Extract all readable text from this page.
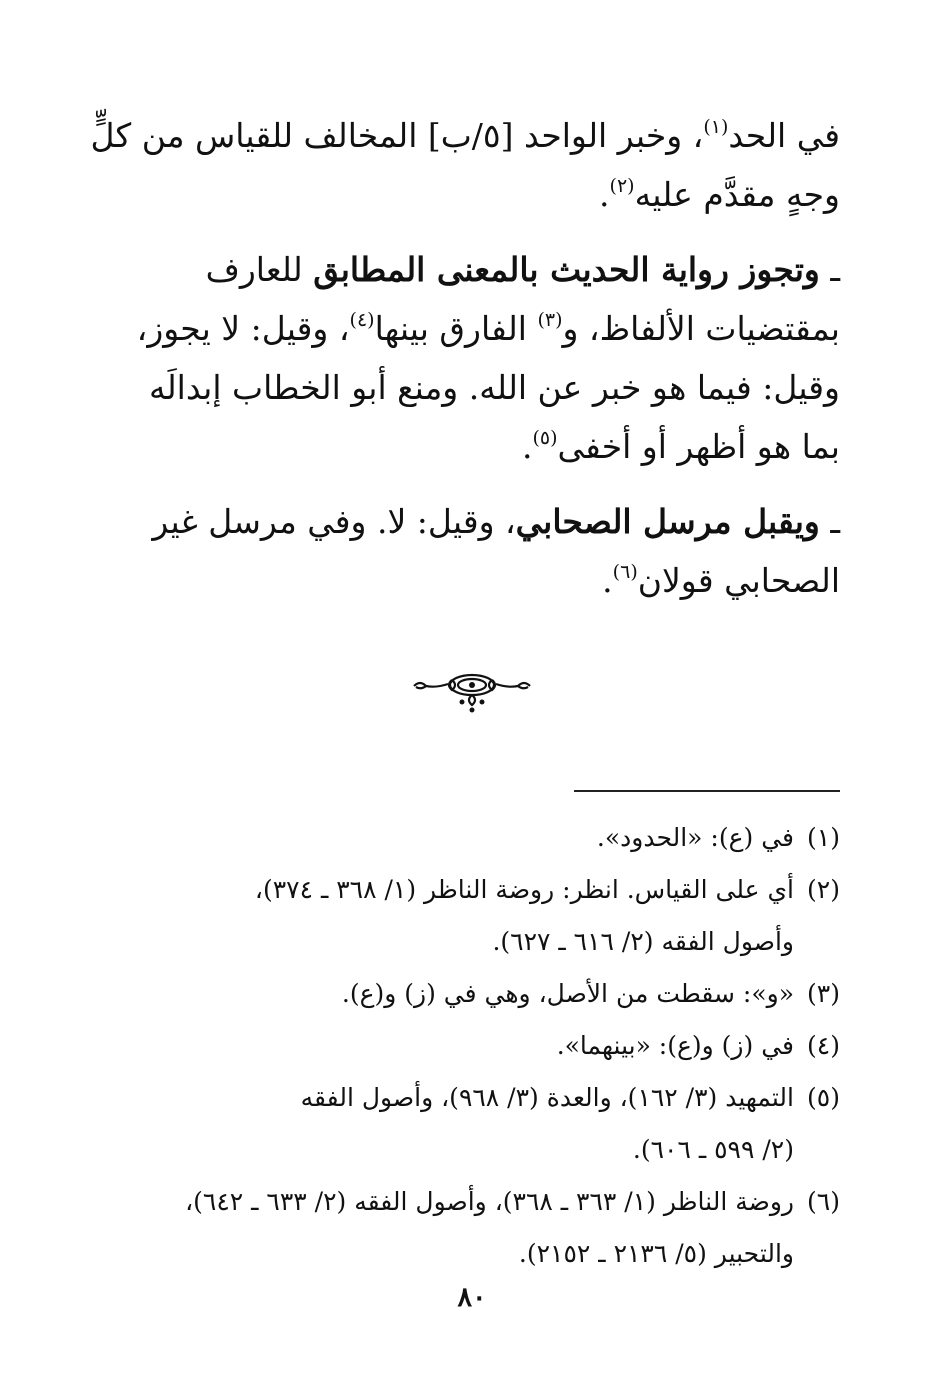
في الحد$^{(١)}$، وخبر الواحد [٥/ب] المخالف للقياس من كلٍّ
وجهٍ مقدَّم عليه$^{(٢)}$.
ـ وتجوز رواية الحديث بالمعنى المطابق للعارف
بمقتضيات الألفاظ، و$^{(٣)}$ الفارق بينها$^{(٤)}$، وقيل: لا يجوز،
وقيل: فيما هو خبر عن الله. ومنع أبو الخطاب إبدالَه
بما هو أظهر أو أخفى$^{(٥)}$.
ـ ويقبل مرسل الصحابي، وقيل: لا. وفي مرسل غير
الصحابي قولان$^{(٦)}$.
(١)
في (ع): «الحدود».
(٢)
أي على القياس. انظر: روضة الناظر (١/ ٣٦٨ ـ ٣٧٤)،
وأصول الفقه (٢/ ٦١٦ ـ ٦٢٧).
(٣)
«و»: سقطت من الأصل، وهي في (ز) و(ع).
(٤)
في (ز) و(ع): «بينهما».
(٥)
التمهيد (٣/ ١٦٢)، والعدة (٣/ ٩٦٨)، وأصول الفقه
(٢/ ٥٩٩ ـ ٦٠٦).
(٦)
روضة الناظر (١/ ٣٦٣ ـ ٣٦٨)، وأصول الفقه (٢/ ٦٣٣ ـ ٦٤٢)،
والتحبير (٥/ ٢١٣٦ ـ ٢١٥٢).
٨٠
